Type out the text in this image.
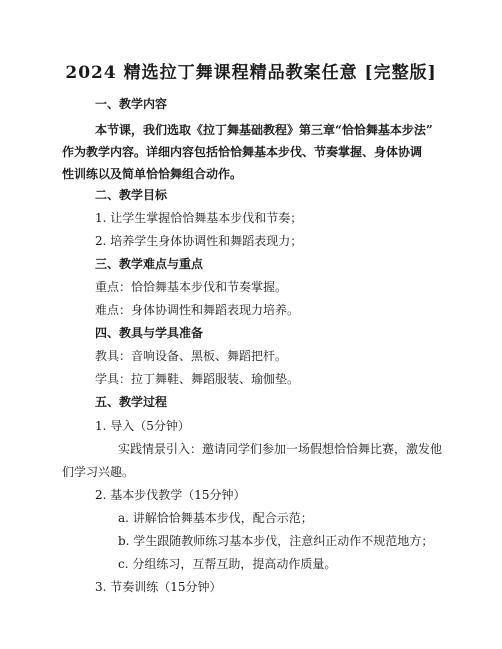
2024 精选拉丁舞课程精品教案任意 [完整版]
一、教学内容
本节课，我们选取《拉丁舞基础教程》第三章“恰恰舞基本步法”
作为教学内容。详细内容包括恰恰舞基本步伐、节奏掌握、身体协调
性训练以及简单恰恰舞组合动作。
二、教学目标
1. 让学生掌握恰恰舞基本步伐和节奏；
2. 培养学生身体协调性和舞蹈表现力；
三、教学难点与重点
重点：恰恰舞基本步伐和节奏掌握。
难点：身体协调性和舞蹈表现力培养。
四、教具与学具准备
教具：音响设备、黑板、舞蹈把杆。
学具：拉丁舞鞋、舞蹈服装、瑜伽垫。
五、教学过程
1. 导入（5分钟）
实践情景引入：邀请同学们参加一场假想恰恰舞比赛，激发他
们学习兴趣。
2. 基本步伐教学（15分钟）
a. 讲解恰恰舞基本步伐，配合示范；
b. 学生跟随教师练习基本步伐，注意纠正动作不规范地方；
c. 分组练习，互帮互助，提高动作质量。
3. 节奏训练（15分钟）
